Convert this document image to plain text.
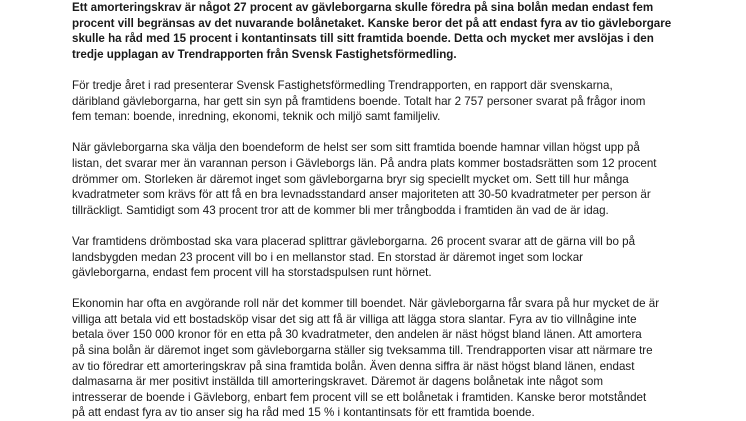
Ett amorteringskrav är något 27 procent av gävleborgarna skulle föredra på sina bolån medan endast fem
procent vill begränsas av det nuvarande bolånetaket. Kanske beror det på att endast fyra av tio gävleborgare
skulle ha råd med 15 procent i kontantinsats till sitt framtida boende. Detta och mycket mer avslöjas i den
tredje upplagan av Trendrapporten från Svensk Fastighetsförmedling.
För tredje året i rad presenterar Svensk Fastighetsförmedling Trendrapporten, en rapport där svenskarna,
däribland gävleborgarna, har gett sin syn på framtidens boende. Totalt har 2 757 personer svarat på frågor inom
fem teman: boende, inredning, ekonomi, teknik och miljö samt familjeliv.
När gävleborgarna ska välja den boendeform de helst ser som sitt framtida boende hamnar villan högst upp på
listan, det svarar mer än varannan person i Gävleborgs län. På andra plats kommer bostadsrätten som 12 procent
drömmer om. Storleken är däremot inget som gävleborgarna bryr sig speciellt mycket om. Sett till hur många
kvadratmeter som krävs för att få en bra levnadsstandard anser majoriteten att 30-50 kvadratmeter per person är
tillräckligt. Samtidigt som 43 procent tror att de kommer bli mer trångbodda i framtiden än vad de är idag.
Var framtidens drömbostad ska vara placerad splittrar gävleborgarna. 26 procent svarar att de gärna vill bo på
landsbygden medan 23 procent vill bo i en mellanstor stad. En storstad är däremot inget som lockar
gävleborgarna, endast fem procent vill ha storstadspulsen runt hörnet.
Ekonomin har ofta en avgörande roll när det kommer till boendet. När gävleborgarna får svara på hur mycket de är
villiga att betala vid ett bostadsköp visar det sig att få är villiga att lägga stora slantar. Fyra av tio villnågine inte
betala över 150 000 kronor för en etta på 30 kvadratmeter, den andelen är näst högst bland länen. Att amortera
på sina bolån är däremot inget som gävleborgarna ställer sig tveksamma till. Trendrapporten visar att närmare tre
av tio föredrar ett amorteringskrav på sina framtida bolån. Även denna siffra är näst högst bland länen, endast
dalmasarna är mer positivt inställda till amorteringskravet. Däremot är dagens bolånetak inte något som
intresserar de boende i Gävleborg, enbart fem procent vill se ett bolånetak i framtiden. Kanske beror motståndet
på att endast fyra av tio anser sig ha råd med 15 % i kontantinsats för ett framtida boende.
